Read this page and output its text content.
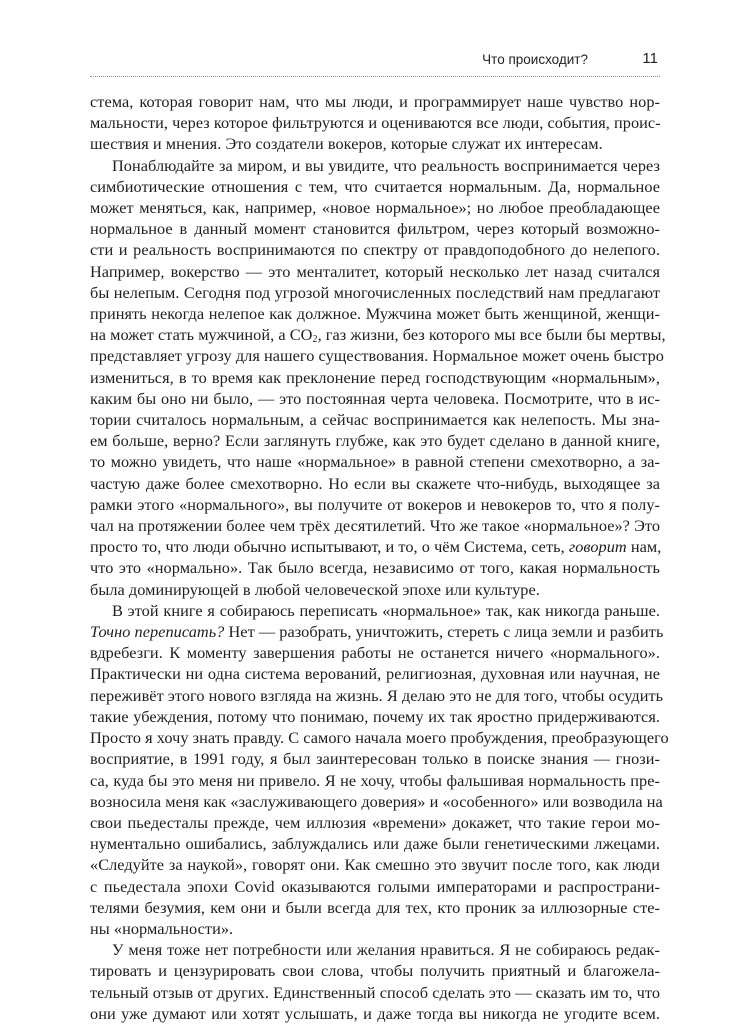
Что происходит?	11

стема, которая говорит нам, что мы люди, и программирует наше чувство нор-
мальности, через которое фильтруются и оцениваются все люди, события, проис-
шествия и мнения. Это создатели вокеров, которые служат их интересам.

Понаблюдайте за миром, и вы увидите, что реальность воспринимается через
симбиотические отношения с тем, что считается нормальным. Да, нормальное
может меняться, как, например, «новое нормальное»; но любое преобладающее
нормальное в данный момент становится фильтром, через который возможно-
сти и реальность воспринимаются по спектру от правдоподобного до нелепого.
Например, вокерство — это менталитет, который несколько лет назад считался
бы нелепым. Сегодня под угрозой многочисленных последствий нам предлагают
принять некогда нелепое как должное. Мужчина может быть женщиной, женщи-
на может стать мужчиной, а $CO_2$, газ жизни, без которого мы все были бы мертвы,
представляет угрозу для нашего существования. Нормальное может очень быстро
измениться, в то время как преклонение перед господствующим «нормальным»,
каким бы оно ни было, — это постоянная черта человека. Посмотрите, что в ис-
тории считалось нормальным, а сейчас воспринимается как нелепость. Мы зна-
ем больше, верно? Если заглянуть глубже, как это будет сделано в данной книге,
то можно увидеть, что наше «нормальное» в равной степени смехотворно, а за-
частую даже более смехотворно. Но если вы скажете что-нибудь, выходящее за
рамки этого «нормального», вы получите от вокеров и невокеров то, что я полу-
чал на протяжении более чем трёх десятилетий. Что же такое «нормальное»? Это
просто то, что люди обычно испытывают, и то, о чём Система, сеть, говорит нам,
что это «нормально». Так было всегда, независимо от того, какая нормальность
была доминирующей в любой человеческой эпохе или культуре.

В этой книге я собираюсь переписать «нормальное» так, как никогда раньше.
Точно переписать? Нет — разобрать, уничтожить, стереть с лица земли и разбить
вдребезги. К моменту завершения работы не останется ничего «нормального».
Практически ни одна система верований, религиозная, духовная или научная, не
переживёт этого нового взгляда на жизнь. Я делаю это не для того, чтобы осудить
такие убеждения, потому что понимаю, почему их так яростно придерживаются.
Просто я хочу знать правду. С самого начала моего пробуждения, преобразующего
восприятие, в 1991 году, я был заинтересован только в поиске знания — гнози-
са, куда бы это меня ни привело. Я не хочу, чтобы фальшивая нормальность пре-
возносила меня как «заслуживающего доверия» и «особенного» или возводила на
свои пьедесталы прежде, чем иллюзия «времени» докажет, что такие герои мо-
нументально ошибались, заблуждались или даже были генетическими лжецами.
«Следуйте за наукой», говорят они. Как смешно это звучит после того, как люди
с пьедестала эпохи Covid оказываются голыми императорами и распространи-
телями безумия, кем они и были всегда для тех, кто проник за иллюзорные сте-
ны «нормальности».

У меня тоже нет потребности или желания нравиться. Я не собираюсь редак-
тировать и цензурировать свои слова, чтобы получить приятный и благожела-
тельный отзыв от других. Единственный способ сделать это — сказать им то, что
они уже думают или хотят услышать, и даже тогда вы никогда не угодите всем.
